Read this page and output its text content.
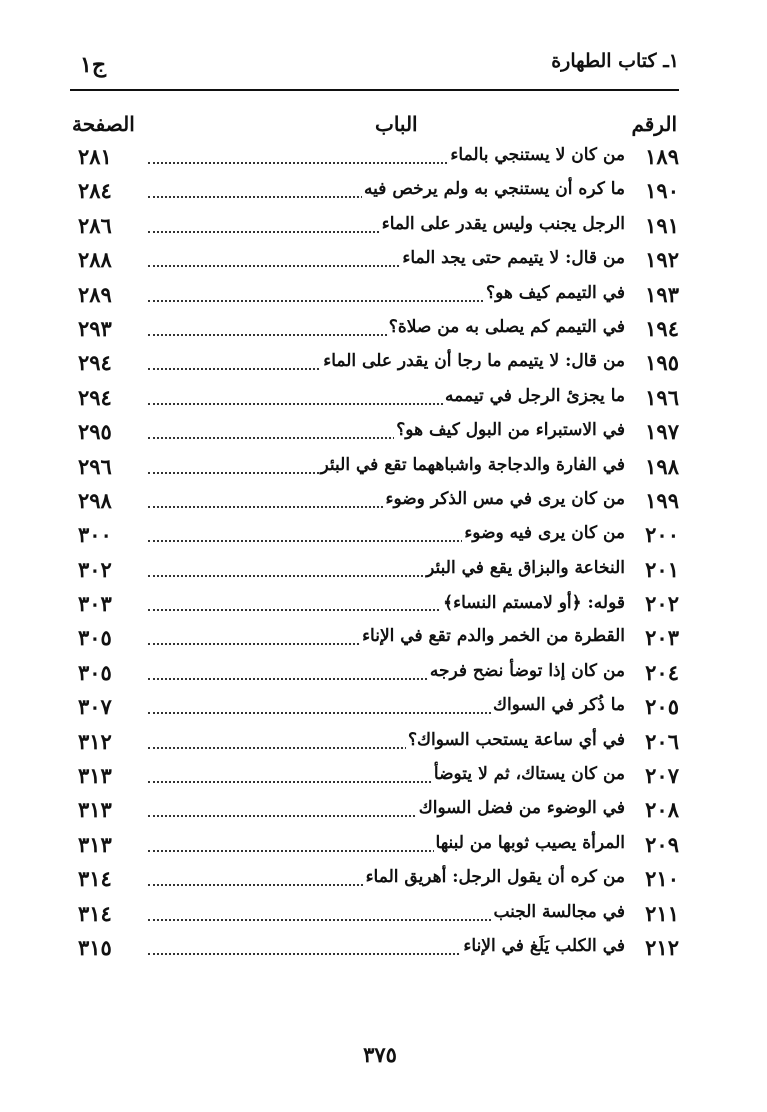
١ـ كتاب الطهارة
ج١
الرقم
الباب
الصفحة
١٨٩
من كان لا يستنجي بالماء
٢٨١
١٩٠
ما كره أن يستنجي به ولم يرخص فيه
٢٨٤
١٩١
الرجل يجنب وليس يقدر على الماء
٢٨٦
١٩٢
من قال: لا يتيمم حتى يجد الماء
٢٨٨
١٩٣
في التيمم كيف هو؟
٢٨٩
١٩٤
في التيمم كم يصلى به من صلاة؟
٢٩٣
١٩٥
من قال: لا يتيمم ما رجا أن يقدر على الماء
٢٩٤
١٩٦
ما يجزئ الرجل في تيممه
٢٩٤
١٩٧
في الاستبراء من البول كيف هو؟
٢٩٥
١٩٨
في الفارة والدجاجة واشباههما تقع في البئر
٢٩٦
١٩٩
من كان يرى في مس الذكر وضوء
٢٩٨
٢٠٠
من كان يرى فيه وضوء
٣٠٠
٢٠١
النخاعة والبزاق يقع في البئر
٣٠٢
٢٠٢
قوله: ﴿أو لامستم النساء﴾
٣٠٣
٢٠٣
القطرة من الخمر والدم تقع في الإناء
٣٠٥
٢٠٤
من كان إذا توضأ نضح فرجه
٣٠٥
٢٠٥
ما ذُكر في السواك
٣٠٧
٢٠٦
في أي ساعة يستحب السواك؟
٣١٢
٢٠٧
من كان يستاك، ثم لا يتوضأ
٣١٣
٢٠٨
في الوضوء من فضل السواك
٣١٣
٢٠٩
المرأة يصيب ثوبها من لبنها
٣١٣
٢١٠
من كره أن يقول الرجل: أهريق الماء
٣١٤
٢١١
في مجالسة الجنب
٣١٤
٢١٢
في الكلب يَلَغ في الإناء
٣١٥
٣٧٥
